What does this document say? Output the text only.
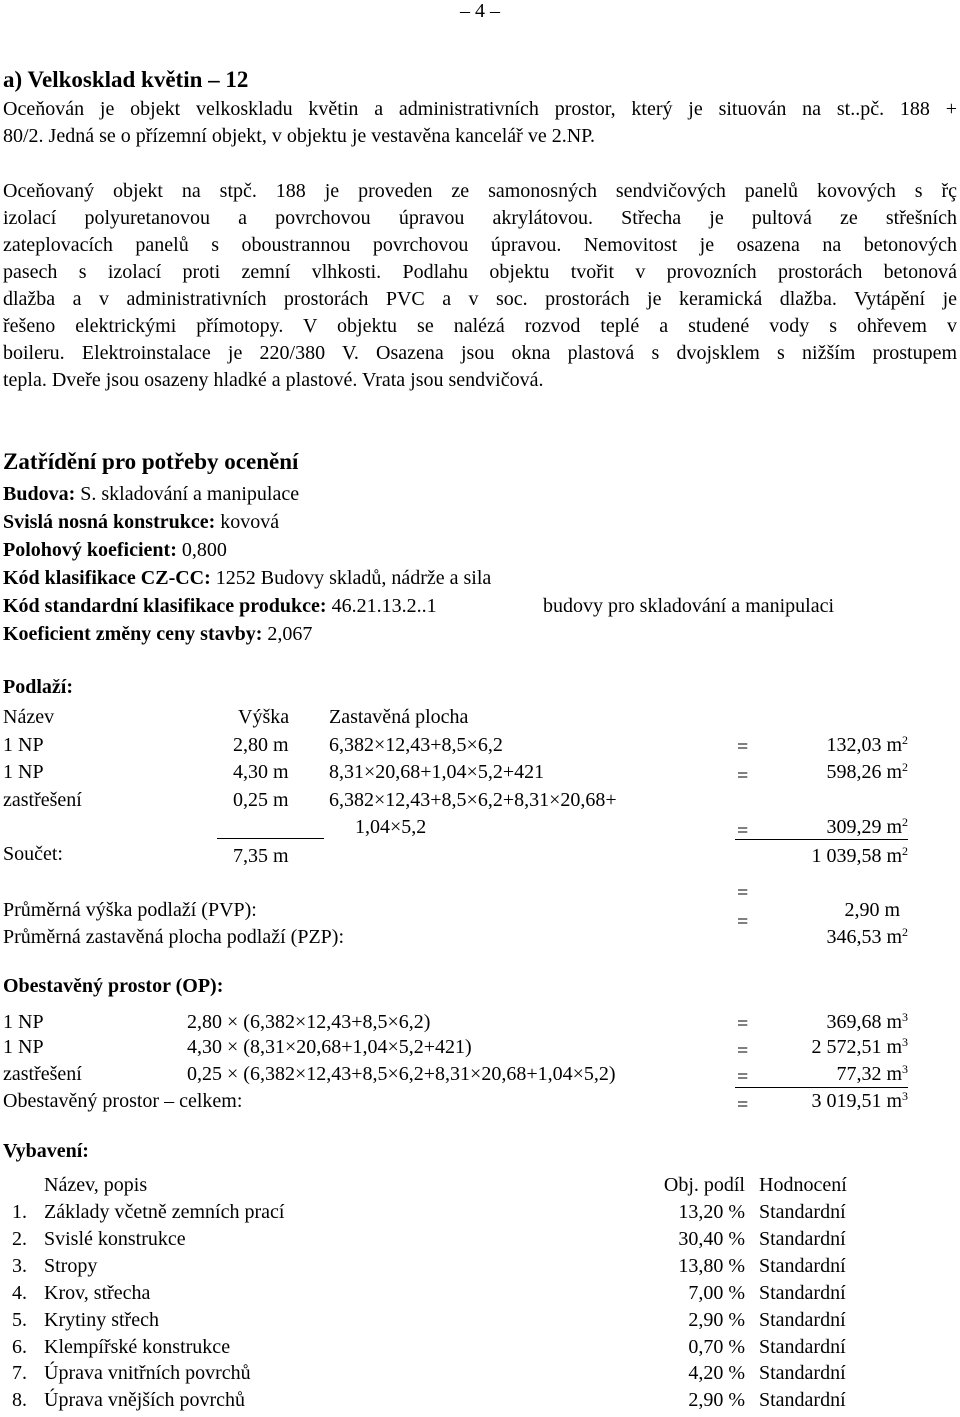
– 4 –
a) Velkosklad květin – 12
Oceňován je objekt velkoskladu květin a administrativních prostor, který je situován na st..pč. 188 +
80/2. Jedná se o přízemní objekt, v objektu je vestavěna kancelář ve 2.NP.
Oceňovaný objekt na stpč. 188 je proveden ze samonosných sendvičových panelů kovových s řç
izolací polyuretanovou a povrchovou úpravou akrylátovou. Střecha je pultová ze střešních
zateplovacích panelů s oboustrannou povrchovou úpravou. Nemovitost je osazena na betonových
pasech s izolací proti zemní vlhkosti. Podlahu objektu tvořit v provozních prostorách betonová
dlažba a v administrativních prostorách PVC a v soc. prostorách je keramická dlažba. Vytápění je
řešeno elektrickými přímotopy. V objektu se nalézá rozvod teplé a studené vody s ohřevem v
boileru. Elektroinstalace je 220/380 V. Osazena jsou okna plastová s dvojsklem s nižším prostupem
tepla. Dveře jsou osazeny hladké a plastové. Vrata jsou sendvičová.
Zatřídění pro potřeby ocenění
Budova: S. skladování a manipulace
Svislá nosná konstrukce: kovová
Polohový koeficient: 0,800
Kód klasifikace CZ-CC: 1252 Budovy skladů, nádrže a sila
Kód standardní klasifikace produkce: 46.21.13.2..1	budovy pro skladování a manipulaci
Koeficient změny ceny stavby: 2,067
Podlaží:
Název	Výška Zastavěná plocha
1 NP	2,80 m 6,382×12,43+8,5×6,2	=	132,03 $m^2$
1 NP	4,30 m 8,31×20,68+1,04×5,2+421	=	598,26 $m^2$
zastřešení	0,25 m 6,382×12,43+8,5×6,2+8,31×20,68+
1,04×5,2	=	309,29 $m^2$
Součet:	7,35 m	1 039,58 $m^2$
=
Průměrná výška podlaží (PVP):	2,90 m
=
Průměrná zastavěná plocha podlaží (PZP):	346,53 $m^2$
Obestavěný prostor (OP):
1 NP	2,80 × (6,382×12,43+8,5×6,2)	=	369,68 $m^3$
1 NP	4,30 × (8,31×20,68+1,04×5,2+421)	=	2 572,51 $m^3$
zastřešení	0,25 × (6,382×12,43+8,5×6,2+8,31×20,68+1,04×5,2)	=	77,32 $m^3$
Obestavěný prostor – celkem:	=	3 019,51 $m^3$
Vybavení:
Název, popis	Obj. podíl Hodnocení
1. Základy včetně zemních prací	13,20 % Standardní
2. Svislé konstrukce	30,40 % Standardní
3. Stropy	13,80 % Standardní
4. Krov, střecha	7,00 % Standardní
5. Krytiny střech	2,90 % Standardní
6. Klempířské konstrukce	0,70 % Standardní
7. Úprava vnitřních povrchů	4,20 % Standardní
8. Úprava vnějších povrchů	2,90 % Standardní
